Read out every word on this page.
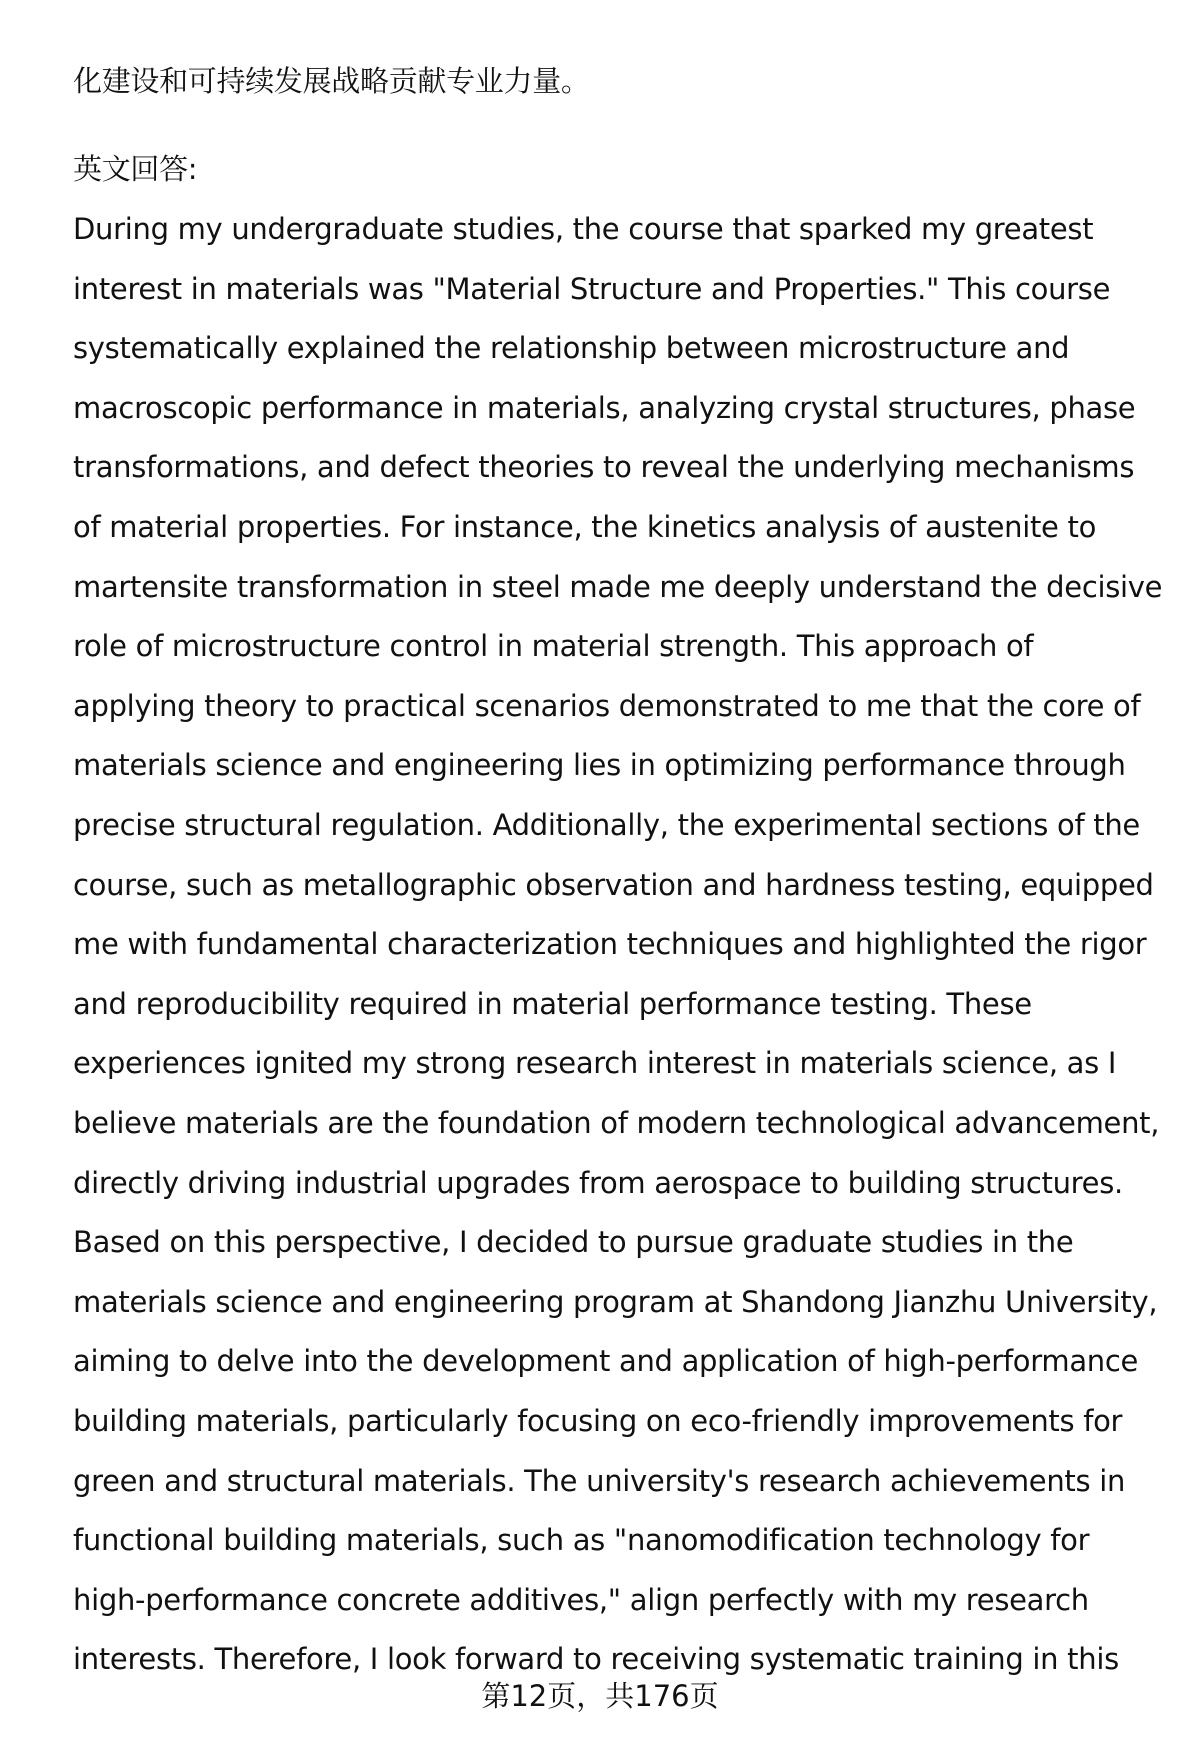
化建设和可持续发展战略贡献专业力量。
英文回答:
During my undergraduate studies, the course that sparked my greatest
interest in materials was "Material Structure and Properties." This course
systematically explained the relationship between microstructure and
macroscopic performance in materials, analyzing crystal structures, phase
transformations, and defect theories to reveal the underlying mechanisms
of material properties. For instance, the kinetics analysis of austenite to
martensite transformation in steel made me deeply understand the decisive
role of microstructure control in material strength. This approach of
applying theory to practical scenarios demonstrated to me that the core of
materials science and engineering lies in optimizing performance through
precise structural regulation. Additionally, the experimental sections of the
course, such as metallographic observation and hardness testing, equipped
me with fundamental characterization techniques and highlighted the rigor
and reproducibility required in material performance testing. These
experiences ignited my strong research interest in materials science, as I
believe materials are the foundation of modern technological advancement,
directly driving industrial upgrades from aerospace to building structures.
Based on this perspective, I decided to pursue graduate studies in the
materials science and engineering program at Shandong Jianzhu University,
aiming to delve into the development and application of high-performance
building materials, particularly focusing on eco-friendly improvements for
green and structural materials. The university's research achievements in
functional building materials, such as "nanomodification technology for
high-performance concrete additives," align perfectly with my research
interests. Therefore, I look forward to receiving systematic training in this
第12页，共176页
